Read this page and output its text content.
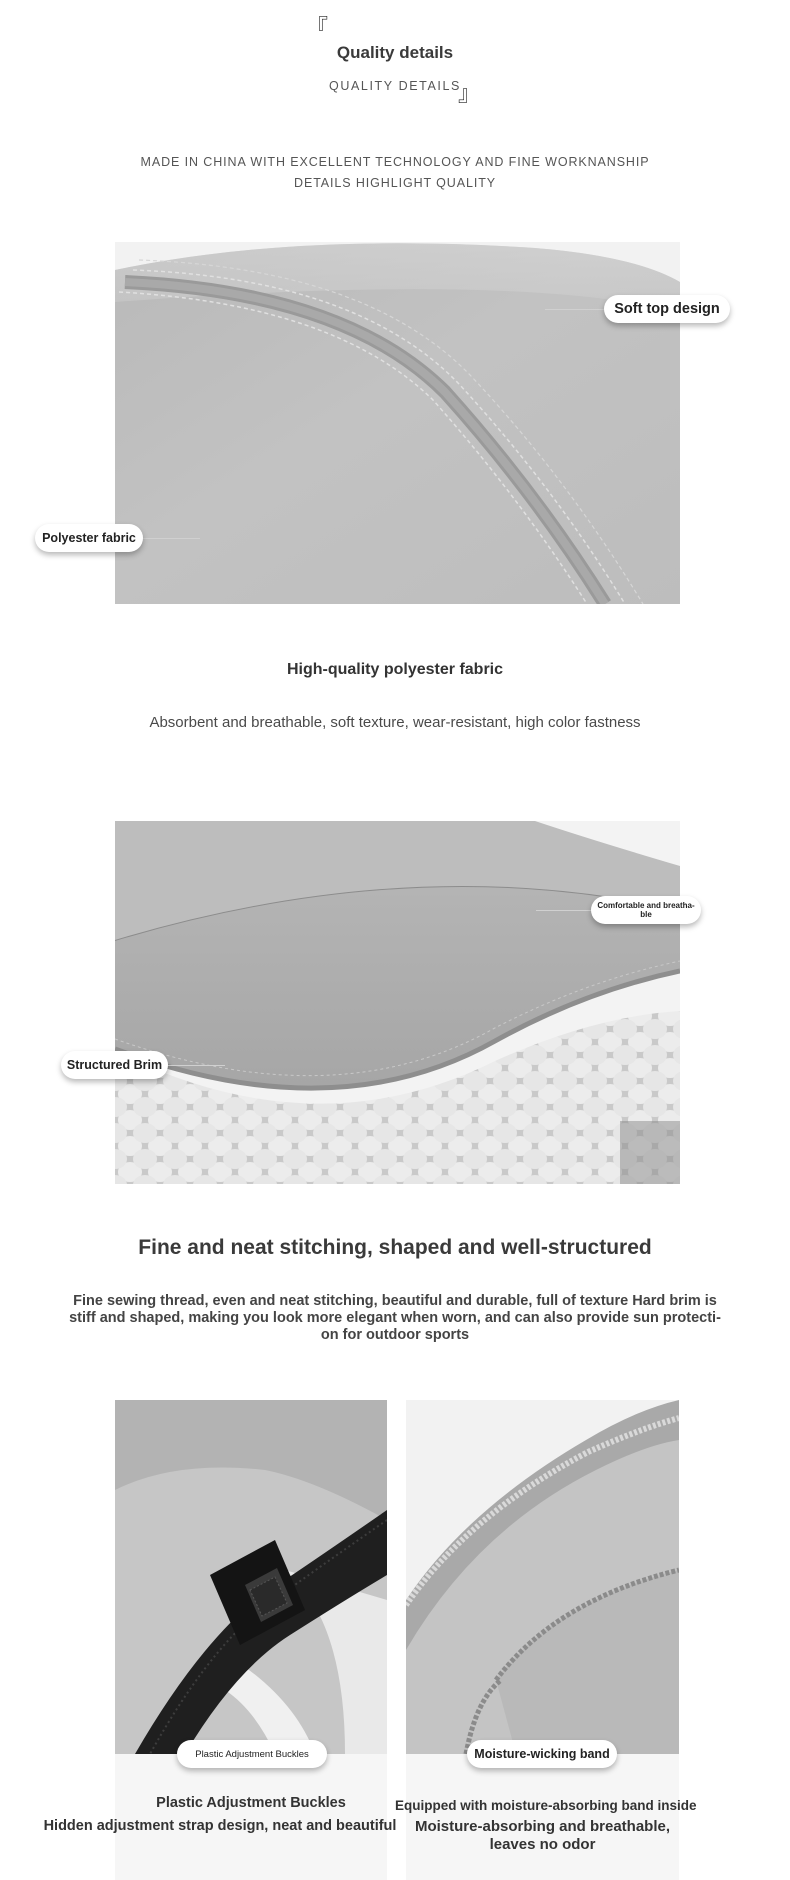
『
Quality details
QUALITY DETAILS
』
MADE IN CHINA WITH EXCELLENT TECHNOLOGY AND FINE WORKNANSHIP
DETAILS HIGHLIGHT QUALITY
Soft top design
Polyester fabric
High-quality polyester fabric
Absorbent and breathable, soft texture, wear-resistant, high color fastness
Comfortable and breatha-ble
Structured Brim
Fine and neat stitching, shaped and well-structured
Fine sewing thread, even and neat stitching, beautiful and durable, full of texture Hard brim is
stiff and shaped, making you look more elegant when worn, and can also provide sun protecti-
on for outdoor sports
Plastic Adjustment Buckles
Plastic Adjustment Buckles
Hidden adjustment strap design, neat and beautiful
Moisture-wicking band
Equipped with moisture-absorbing band inside
Moisture-absorbing and breathable,
leaves no odor
